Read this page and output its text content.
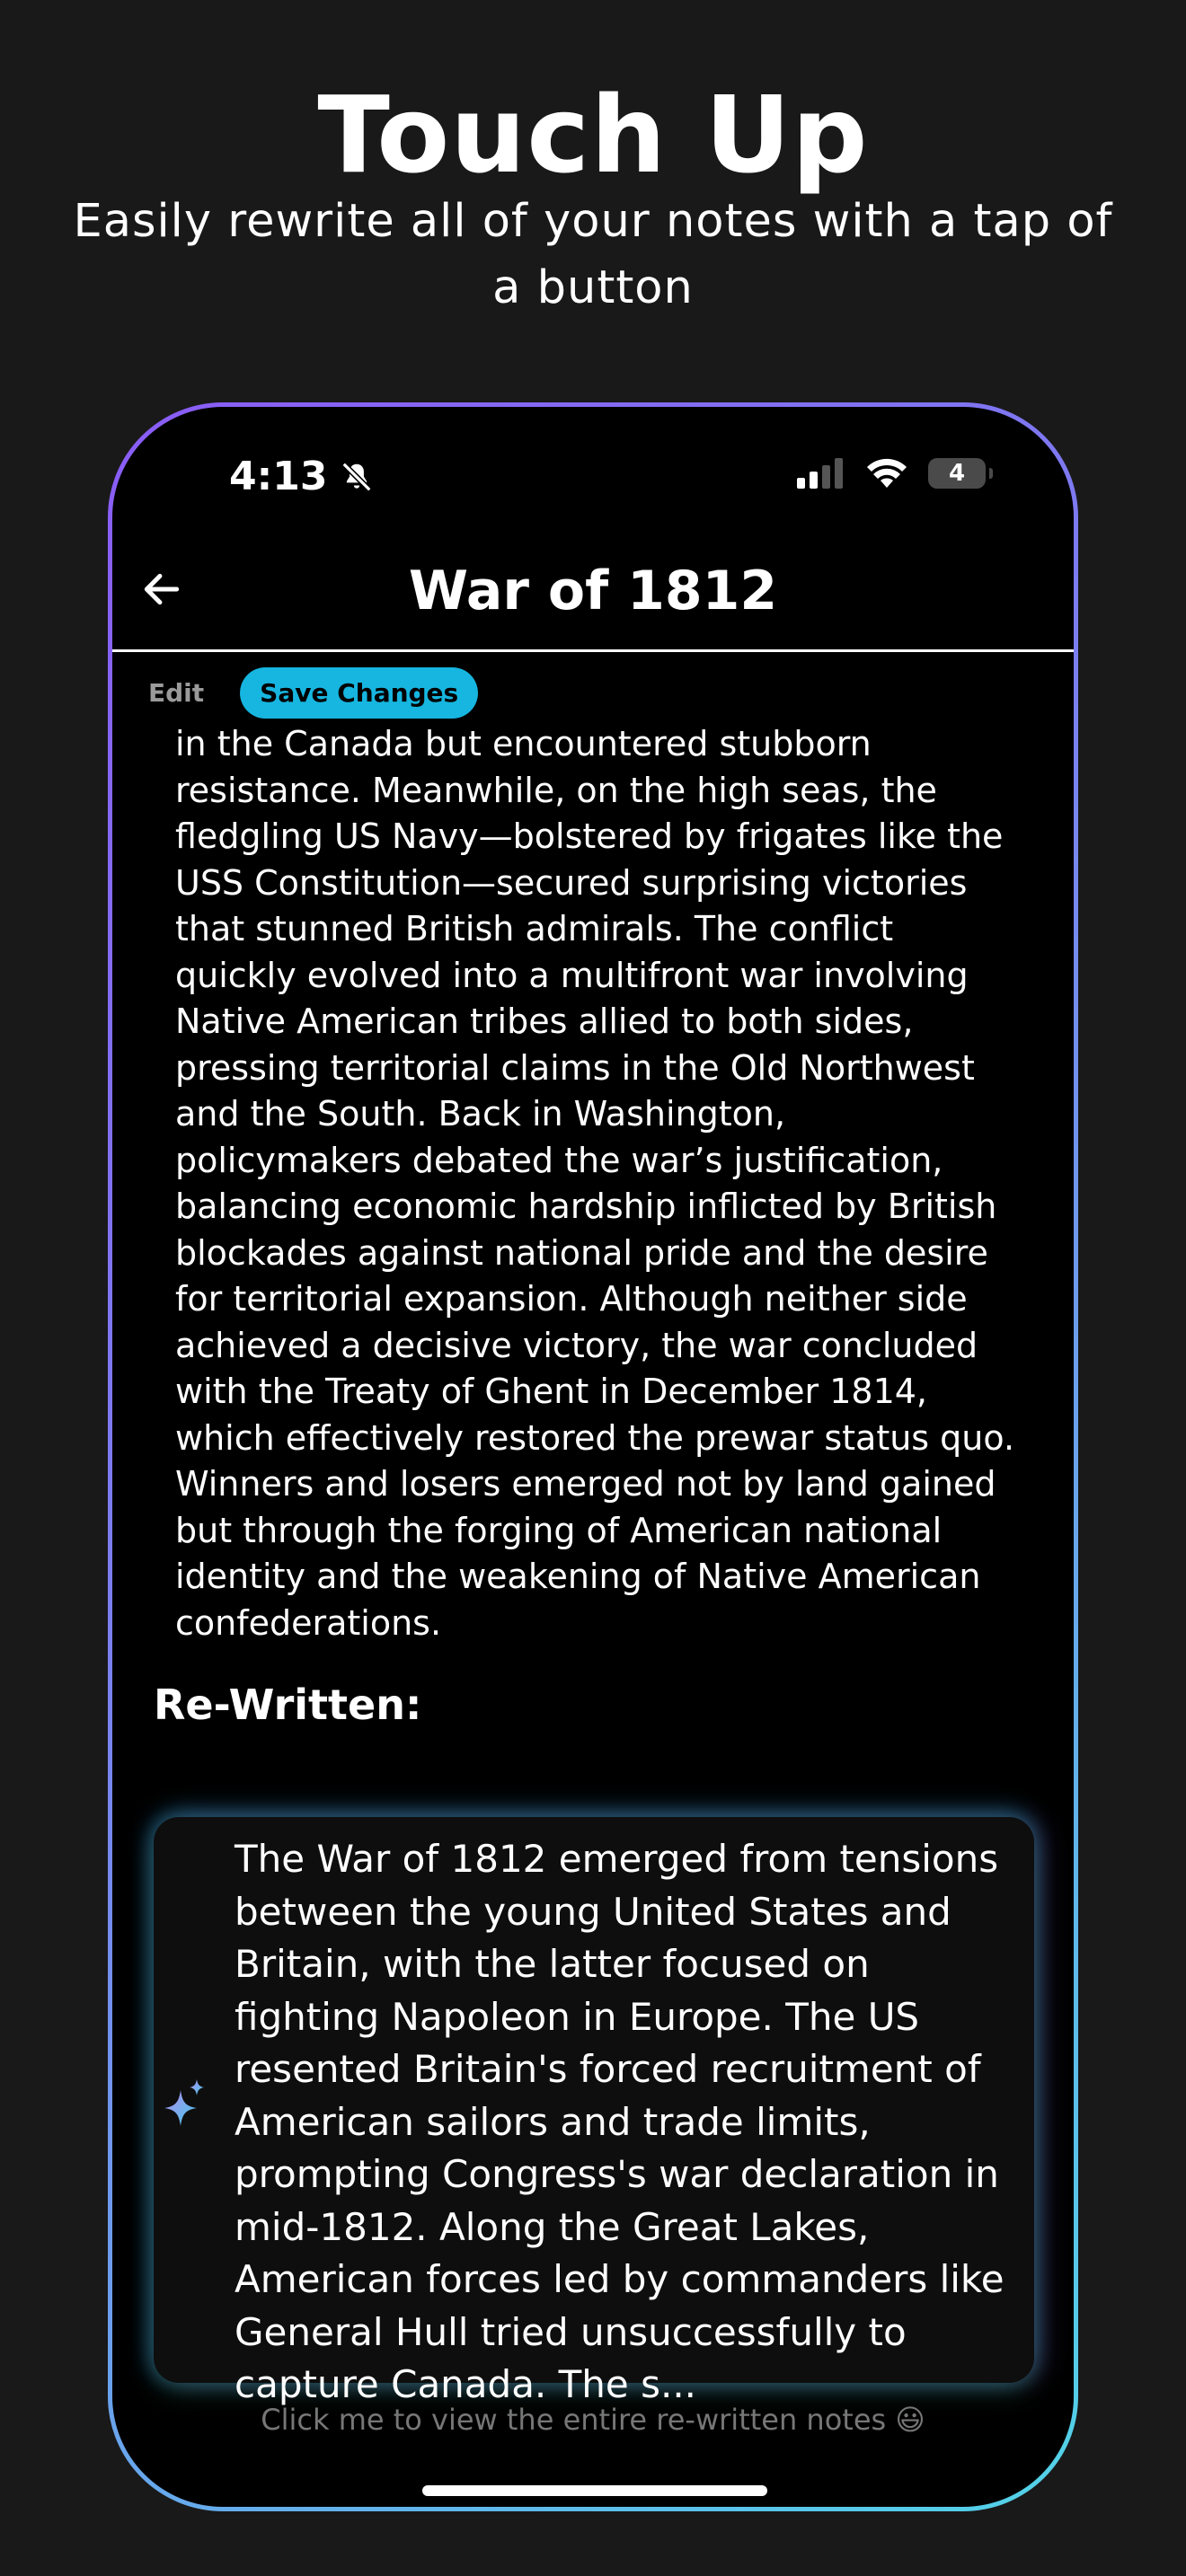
Touch Up
Easily rewrite all of your notes with a tap of a button
4:13	4
War of 1812
Edit	Save Changes

in the Canada but encountered stubborn resistance. Meanwhile, on the high seas, the fledgling US Navy—bolstered by frigates like the USS Constitution—secured surprising victories that stunned British admirals. The conflict quickly evolved into a multifront war involving Native American tribes allied to both sides, pressing territorial claims in the Old Northwest and the South. Back in Washington, policymakers debated the war’s justification, balancing economic hardship inflicted by British blockades against national pride and the desire for territorial expansion. Although neither side achieved a decisive victory, the war concluded with the Treaty of Ghent in December 1814, which effectively restored the prewar status quo. Winners and losers emerged not by land gained but through the forging of American national identity and the weakening of Native American confederations.

Re-Written:
The War of 1812 emerged from tensions between the young United States and Britain, with the latter focused on fighting Napoleon in Europe. The US resented Britain's forced recruitment of American sailors and trade limits, prompting Congress's war declaration in mid-1812. Along the Great Lakes, American forces led by commanders like General Hull tried unsuccessfully to capture Canada. The s...
Click me to view the entire re-written notes 😃
